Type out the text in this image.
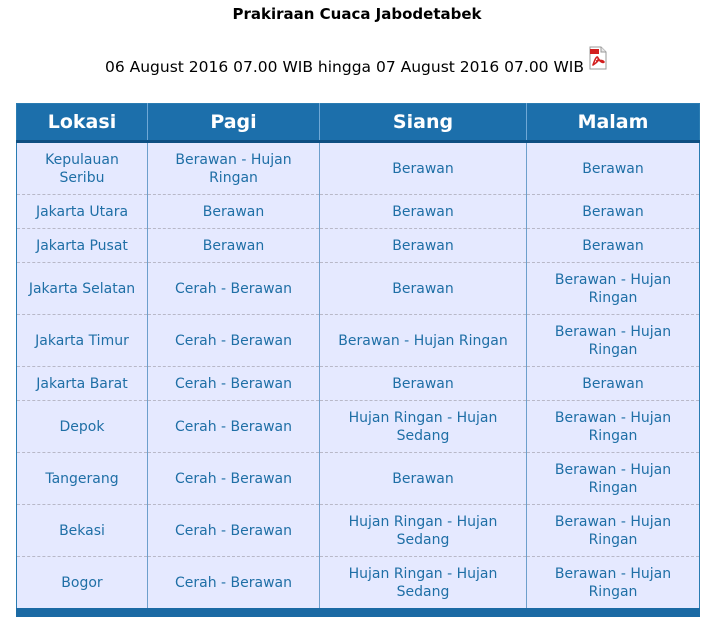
Prakiraan Cuaca Jabodetabek
06 August 2016 07.00 WIB hingga 07 August 2016 07.00 WIB
Lokasi	Pagi	Siang	Malam
Kepulauan Seribu	Berawan - Hujan Ringan	Berawan	Berawan
Jakarta Utara	Berawan	Berawan	Berawan
Jakarta Pusat	Berawan	Berawan	Berawan
Jakarta Selatan	Cerah - Berawan	Berawan	Berawan - Hujan Ringan
Jakarta Timur	Cerah - Berawan	Berawan - Hujan Ringan	Berawan - Hujan Ringan
Jakarta Barat	Cerah - Berawan	Berawan	Berawan
Depok	Cerah - Berawan	Hujan Ringan - Hujan Sedang	Berawan - Hujan Ringan
Tangerang	Cerah - Berawan	Berawan	Berawan - Hujan Ringan
Bekasi	Cerah - Berawan	Hujan Ringan - Hujan Sedang	Berawan - Hujan Ringan
Bogor	Cerah - Berawan	Hujan Ringan - Hujan Sedang	Berawan - Hujan Ringan
